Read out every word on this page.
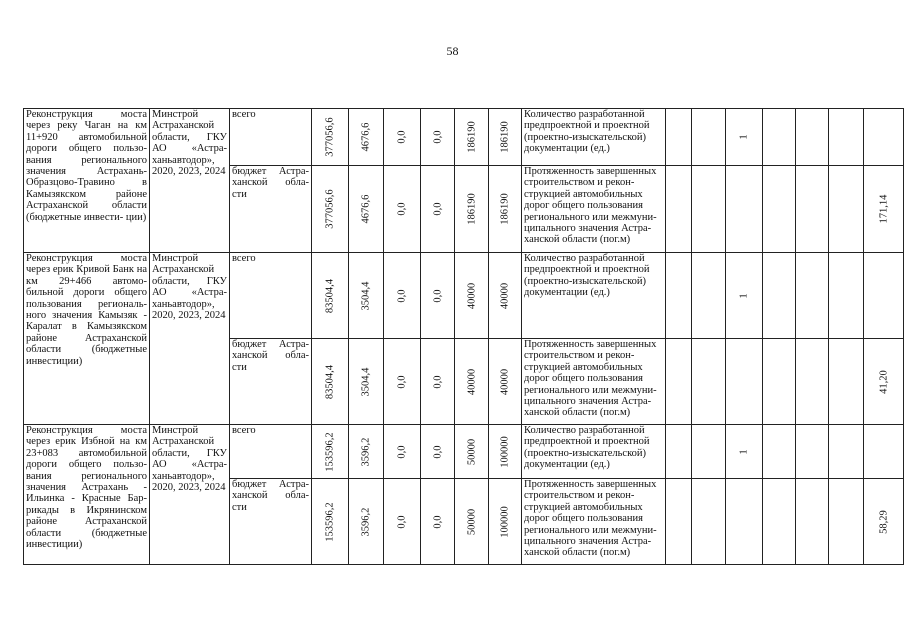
58
Реконструкция моста через реку Чаган на км 11+920 автомобильной дороги общего пользо- вания регионального значения Астрахань-Образцово-Травино в Камызякском районе Астраханской области (бюджетные инвести- ции)	Минстрой Астраханской области, ГКУ АО «Астра- ханьавтодор», 2020, 2023, 2024	всего	377056,6	4676,6	0,0	0,0	186190	186190	Количество разработанной предпроектной и проектной (проектно-изыскательской) документации (ед.)			1				

		бюджет Астра- ханской обла- сти	377056,6	4676,6	0,0	0,0	186190	186190	Протяженность завершенных строительством и рекон- струкцией автомобильных дорог общего пользования регионального или межмуни- ципального значения Астра- ханской области (пог.м)							171,14

Реконструкция моста через ерик Кривой Банк на км 29+466 автомо- бильной дороги общего пользования региональ- ного значения Камызяк - Каралат в Камызякском районе Астраханской области (бюджетные инвестиции)	Минстрой Астраханской области, ГКУ АО «Астра- ханьавтодор», 2020, 2023, 2024	всего	83504,4	3504,4	0,0	0,0	40000	40000	Количество разработанной предпроектной и проектной (проектно-изыскательской) документации (ед.)			1				

		бюджет Астра- ханской обла- сти	83504,4	3504,4	0,0	0,0	40000	40000	Протяженность завершенных строительством и рекон- струкцией автомобильных дорог общего пользования регионального или межмуни- ципального значения Астра- ханской области (пог.м)							41,20

Реконструкция моста через ерик Избной на км 23+083 автомобильной дороги общего пользо- вания регионального значения Астрахань - Ильинка - Красные Бар- рикады в Икрянинском районе Астраханской области (бюджетные инвестиции)	Минстрой Астраханской области, ГКУ АО «Астра- ханьавтодор», 2020, 2023, 2024	всего	153596,2	3596,2	0,0	0,0	50000	100000	Количество разработанной предпроектной и проектной (проектно-изыскательской) документации (ед.)			1				

		бюджет Астра- ханской обла- сти	153596,2	3596,2	0,0	0,0	50000	100000	Протяженность завершенных строительством и рекон- струкцией автомобильных дорог общего пользования регионального или межмуни- ципального значения Астра- ханской области (пог.м)							58,29
